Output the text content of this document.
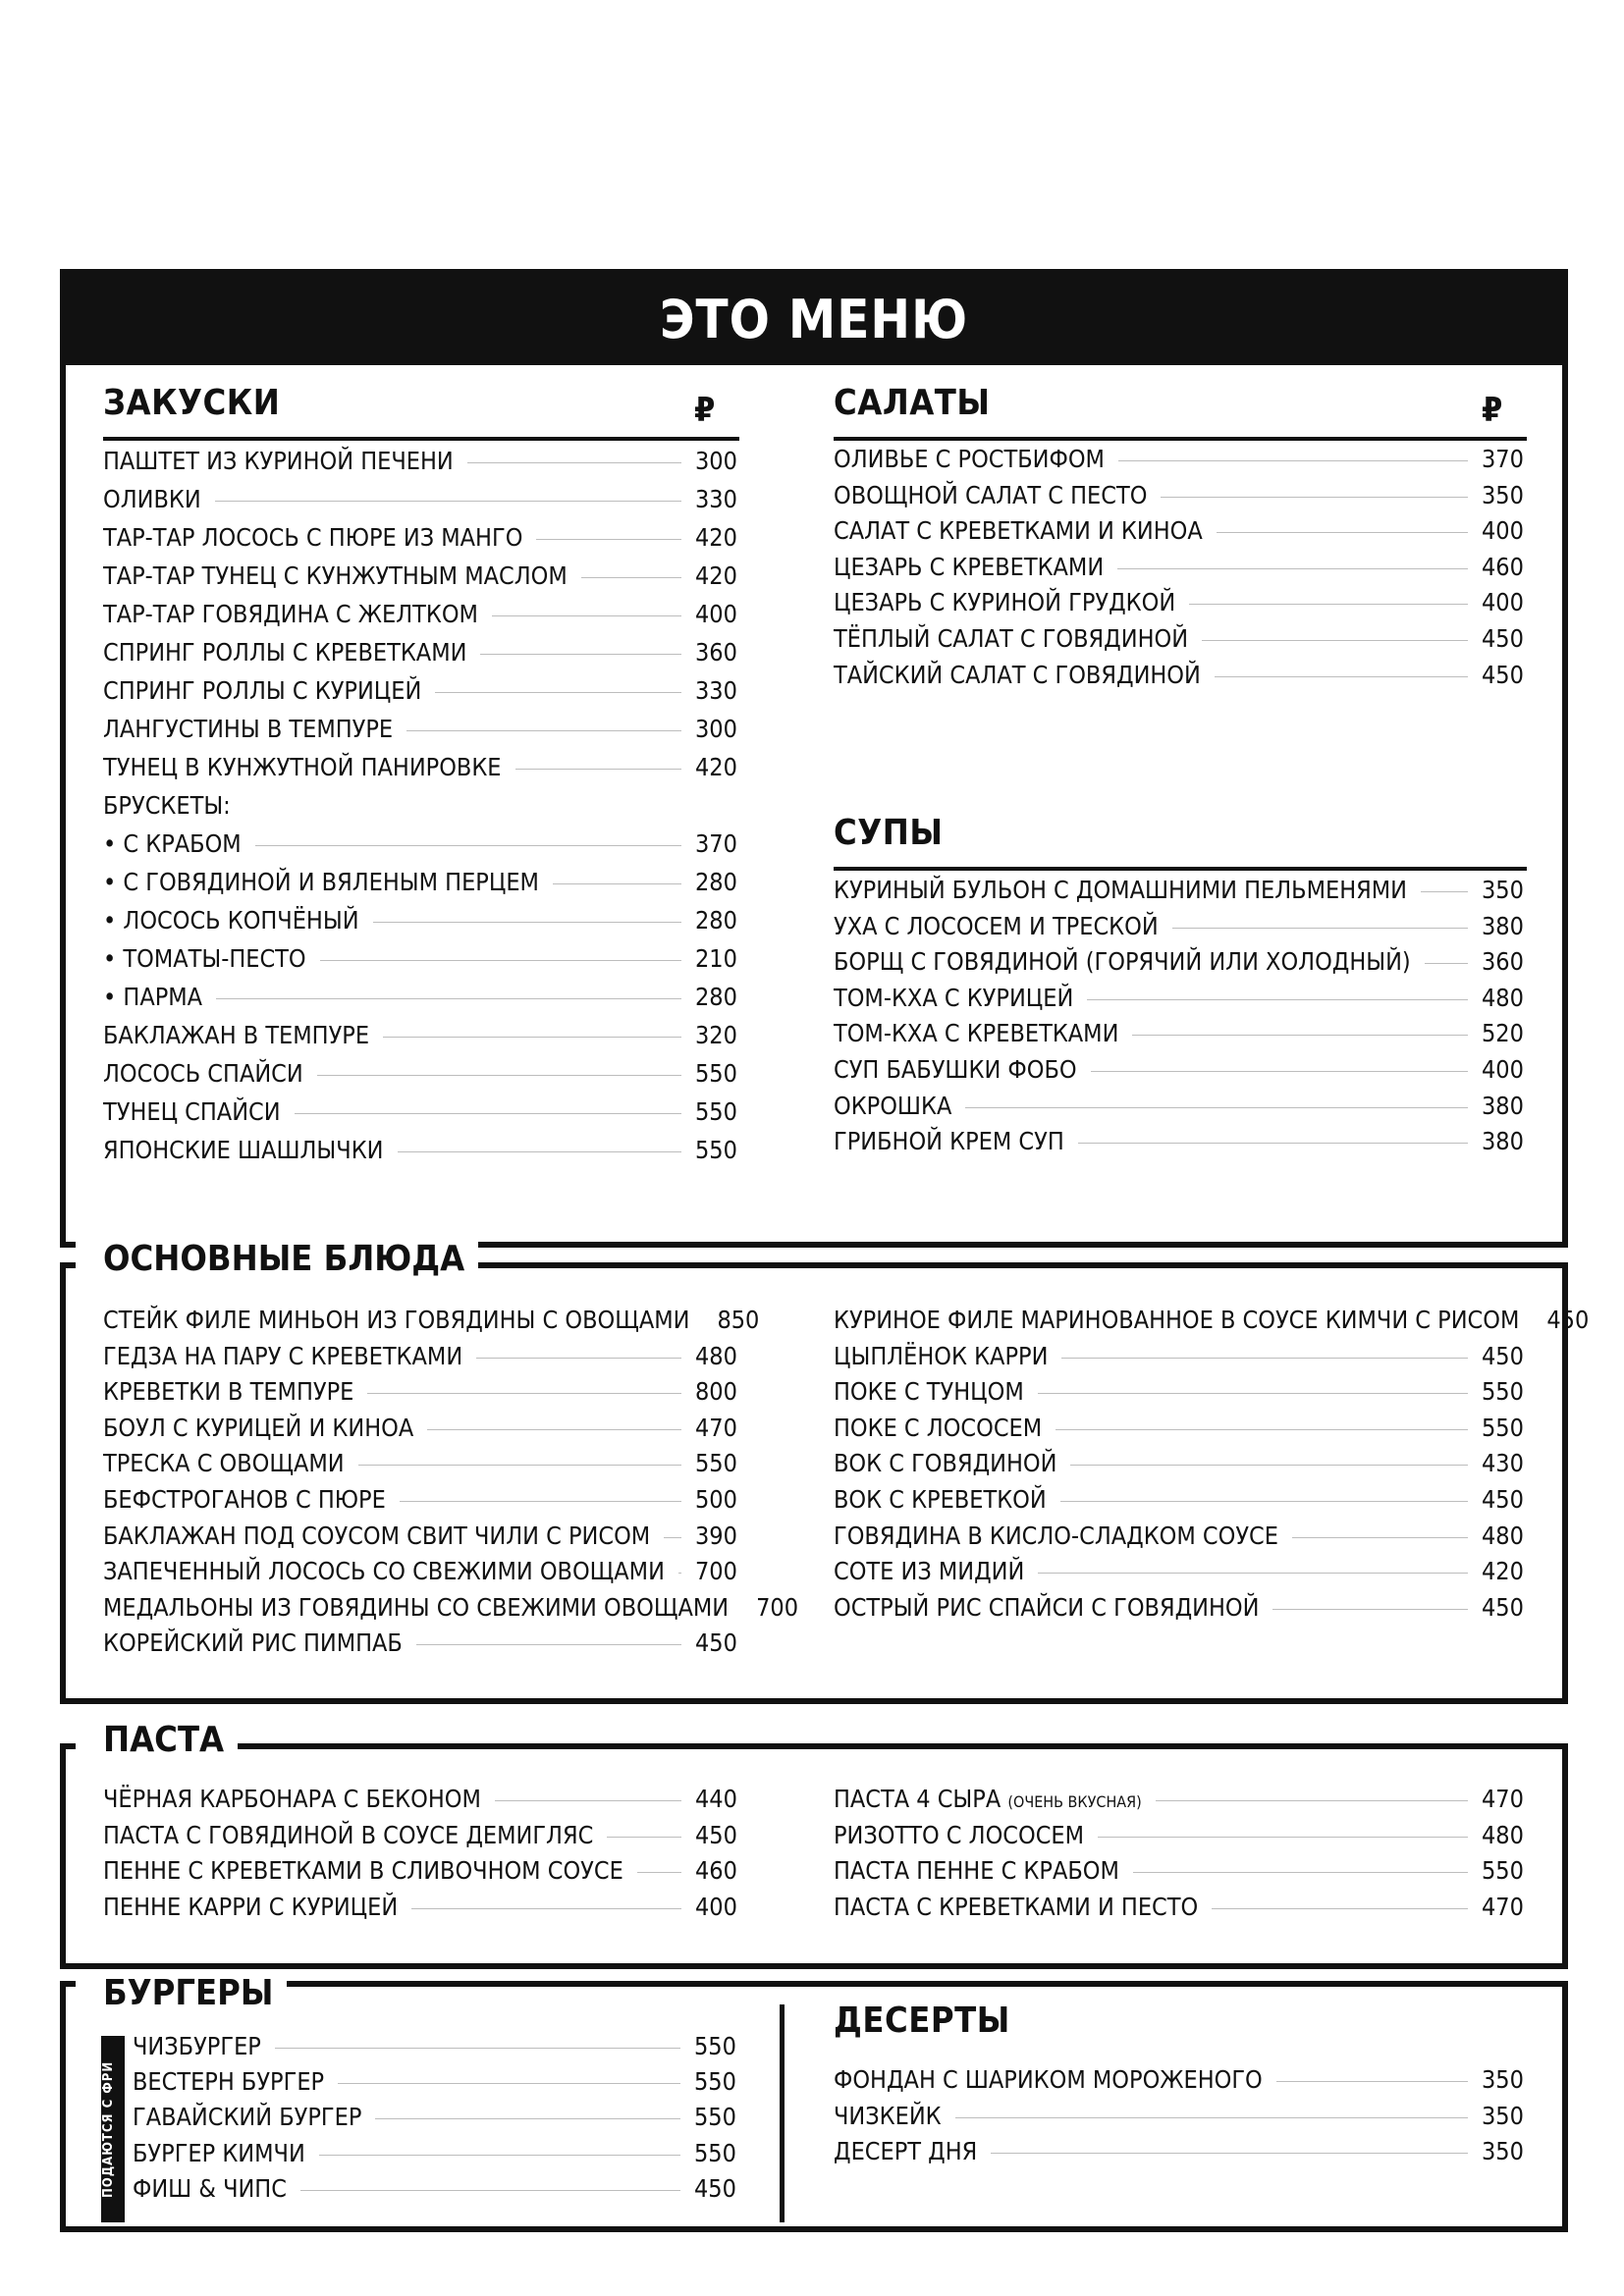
ЭТО МЕНЮ
ЗАКУСКИ	₽
ПАШТЕТ ИЗ КУРИНОЙ ПЕЧЕНИ	300
ОЛИВКИ	330
ТАР-ТАР ЛОСОСЬ С ПЮРЕ ИЗ МАНГО	420
ТАР-ТАР ТУНЕЦ С КУНЖУТНЫМ МАСЛОМ	420
ТАР-ТАР ГОВЯДИНА С ЖЕЛТКОМ	400
СПРИНГ РОЛЛЫ С КРЕВЕТКАМИ	360
СПРИНГ РОЛЛЫ С КУРИЦЕЙ	330
ЛАНГУСТИНЫ В ТЕМПУРЕ	300
ТУНЕЦ В КУНЖУТНОЙ ПАНИРОВКЕ	420
БРУСКЕТЫ:
• С КРАБОМ	370
• С ГОВЯДИНОЙ И ВЯЛЕНЫМ ПЕРЦЕМ	280
• ЛОСОСЬ КОПЧЁНЫЙ	280
• ТОМАТЫ-ПЕСТО	210
• ПАРМА	280
БАКЛАЖАН В ТЕМПУРЕ	320
ЛОСОСЬ СПАЙСИ	550
ТУНЕЦ СПАЙСИ	550
ЯПОНСКИЕ ШАШЛЫЧКИ	550
САЛАТЫ	₽
ОЛИВЬЕ С РОСТБИФОМ	370
ОВОЩНОЙ САЛАТ С ПЕСТО	350
САЛАТ С КРЕВЕТКАМИ И КИНОА	400
ЦЕЗАРЬ С КРЕВЕТКАМИ	460
ЦЕЗАРЬ С КУРИНОЙ ГРУДКОЙ	400
ТЁПЛЫЙ САЛАТ С ГОВЯДИНОЙ	450
ТАЙСКИЙ САЛАТ С ГОВЯДИНОЙ	450
СУПЫ
КУРИНЫЙ БУЛЬОН С ДОМАШНИМИ ПЕЛЬМЕНЯМИ	350
УХА С ЛОСОСЕМ И ТРЕСКОЙ	380
БОРЩ С ГОВЯДИНОЙ (ГОРЯЧИЙ ИЛИ ХОЛОДНЫЙ)	360
ТОМ-КХА С КУРИЦЕЙ	480
ТОМ-КХА С КРЕВЕТКАМИ	520
СУП БАБУШКИ ФОБО	400
ОКРОШКА	380
ГРИБНОЙ КРЕМ СУП	380
ОСНОВНЫЕ БЛЮДА
СТЕЙК ФИЛЕ МИНЬОН ИЗ ГОВЯДИНЫ С ОВОЩАМИ 850
ГЕДЗА НА ПАРУ С КРЕВЕТКАМИ	480
КРЕВЕТКИ В ТЕМПУРЕ	800
БОУЛ С КУРИЦЕЙ И КИНОА	470
ТРЕСКА С ОВОЩАМИ	550
БЕФСТРОГАНОВ С ПЮРЕ	500
БАКЛАЖАН ПОД СОУСОМ СВИТ ЧИЛИ С РИСОМ 390
ЗАПЕЧЕННЫЙ ЛОСОСЬ СО СВЕЖИМИ ОВОЩАМИ 700
МЕДАЛЬОНЫ ИЗ ГОВЯДИНЫ СО СВЕЖИМИ ОВОЩАМИ 700
КОРЕЙСКИЙ РИС ПИМПАБ	450
КУРИНОЕ ФИЛЕ МАРИНОВАННОЕ В СОУСЕ КИМЧИ С РИСОМ 450
ЦЫПЛЁНОК КАРРИ	450
ПОКЕ С ТУНЦОМ	550
ПОКЕ С ЛОСОСЕМ	550
ВОК С ГОВЯДИНОЙ	430
ВОК С КРЕВЕТКОЙ	450
ГОВЯДИНА В КИСЛО-СЛАДКОМ СОУСЕ	480
СОТЕ ИЗ МИДИЙ	420
ОСТРЫЙ РИС СПАЙСИ С ГОВЯДИНОЙ	450
ПАСТА
ЧЁРНАЯ КАРБОНАРА С БЕКОНОМ	440
ПАСТА С ГОВЯДИНОЙ В СОУСЕ ДЕМИГЛЯС	450
ПЕННЕ С КРЕВЕТКАМИ В СЛИВОЧНОМ СОУСЕ	460
ПЕННЕ КАРРИ С КУРИЦЕЙ	400
ПАСТА 4 СЫРА (ОЧЕНЬ ВКУСНАЯ)	470
РИЗОТТО С ЛОСОСЕМ	480
ПАСТА ПЕННЕ С КРАБОМ	550
ПАСТА С КРЕВЕТКАМИ И ПЕСТО	470
БУРГЕРЫ
ПОДАЮТСЯ С ФРИ
ЧИЗБУРГЕР	550
ВЕСТЕРН БУРГЕР	550
ГАВАЙСКИЙ БУРГЕР	550
БУРГЕР КИМЧИ	550
ФИШ & ЧИПС	450
ДЕСЕРТЫ
ФОНДАН С ШАРИКОМ МОРОЖЕНОГО	350
ЧИЗКЕЙК	350
ДЕСЕРТ ДНЯ	350
